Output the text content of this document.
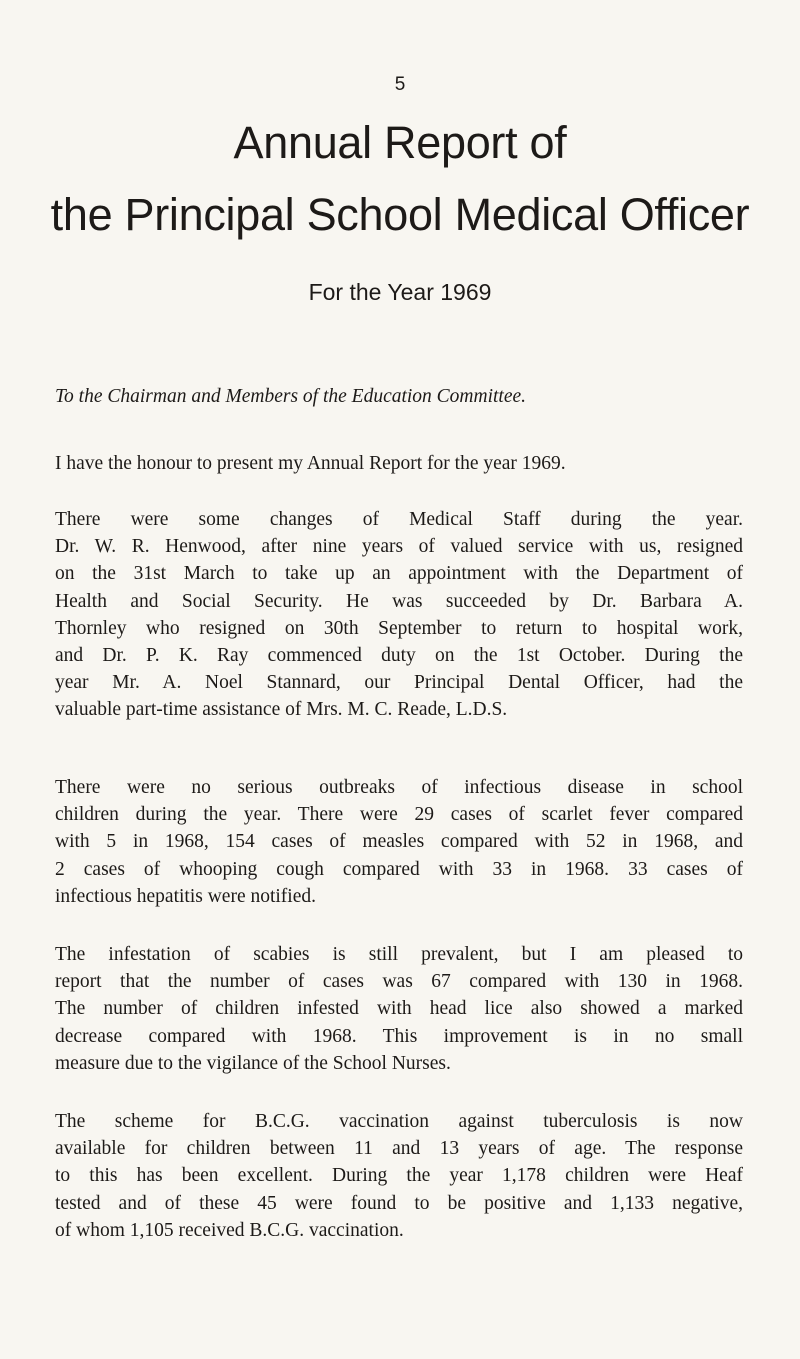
5
Annual Report of
the Principal School Medical Officer
For the Year 1969
To the Chairman and Members of the Education Committee.

I have the honour to present my Annual Report for the year 1969.

There were some changes of Medical Staff during the year.
Dr. W. R. Henwood, after nine years of valued service with us, resigned
on the 31st March to take up an appointment with the Department of
Health and Social Security. He was succeeded by Dr. Barbara A.
Thornley who resigned on 30th September to return to hospital work,
and Dr. P. K. Ray commenced duty on the 1st October. During the
year Mr. A. Noel Stannard, our Principal Dental Officer, had the
valuable part-time assistance of Mrs. M. C. Reade, L.D.S.

There were no serious outbreaks of infectious disease in school
children during the year. There were 29 cases of scarlet fever compared
with 5 in 1968, 154 cases of measles compared with 52 in 1968, and
2 cases of whooping cough compared with 33 in 1968. 33 cases of
infectious hepatitis were notified.

The infestation of scabies is still prevalent, but I am pleased to
report that the number of cases was 67 compared with 130 in 1968.
The number of children infested with head lice also showed a marked
decrease compared with 1968. This improvement is in no small
measure due to the vigilance of the School Nurses.

The scheme for B.C.G. vaccination against tuberculosis is now
available for children between 11 and 13 years of age. The response
to this has been excellent. During the year 1,178 children were Heaf
tested and of these 45 were found to be positive and 1,133 negative,
of whom 1,105 received B.C.G. vaccination.
